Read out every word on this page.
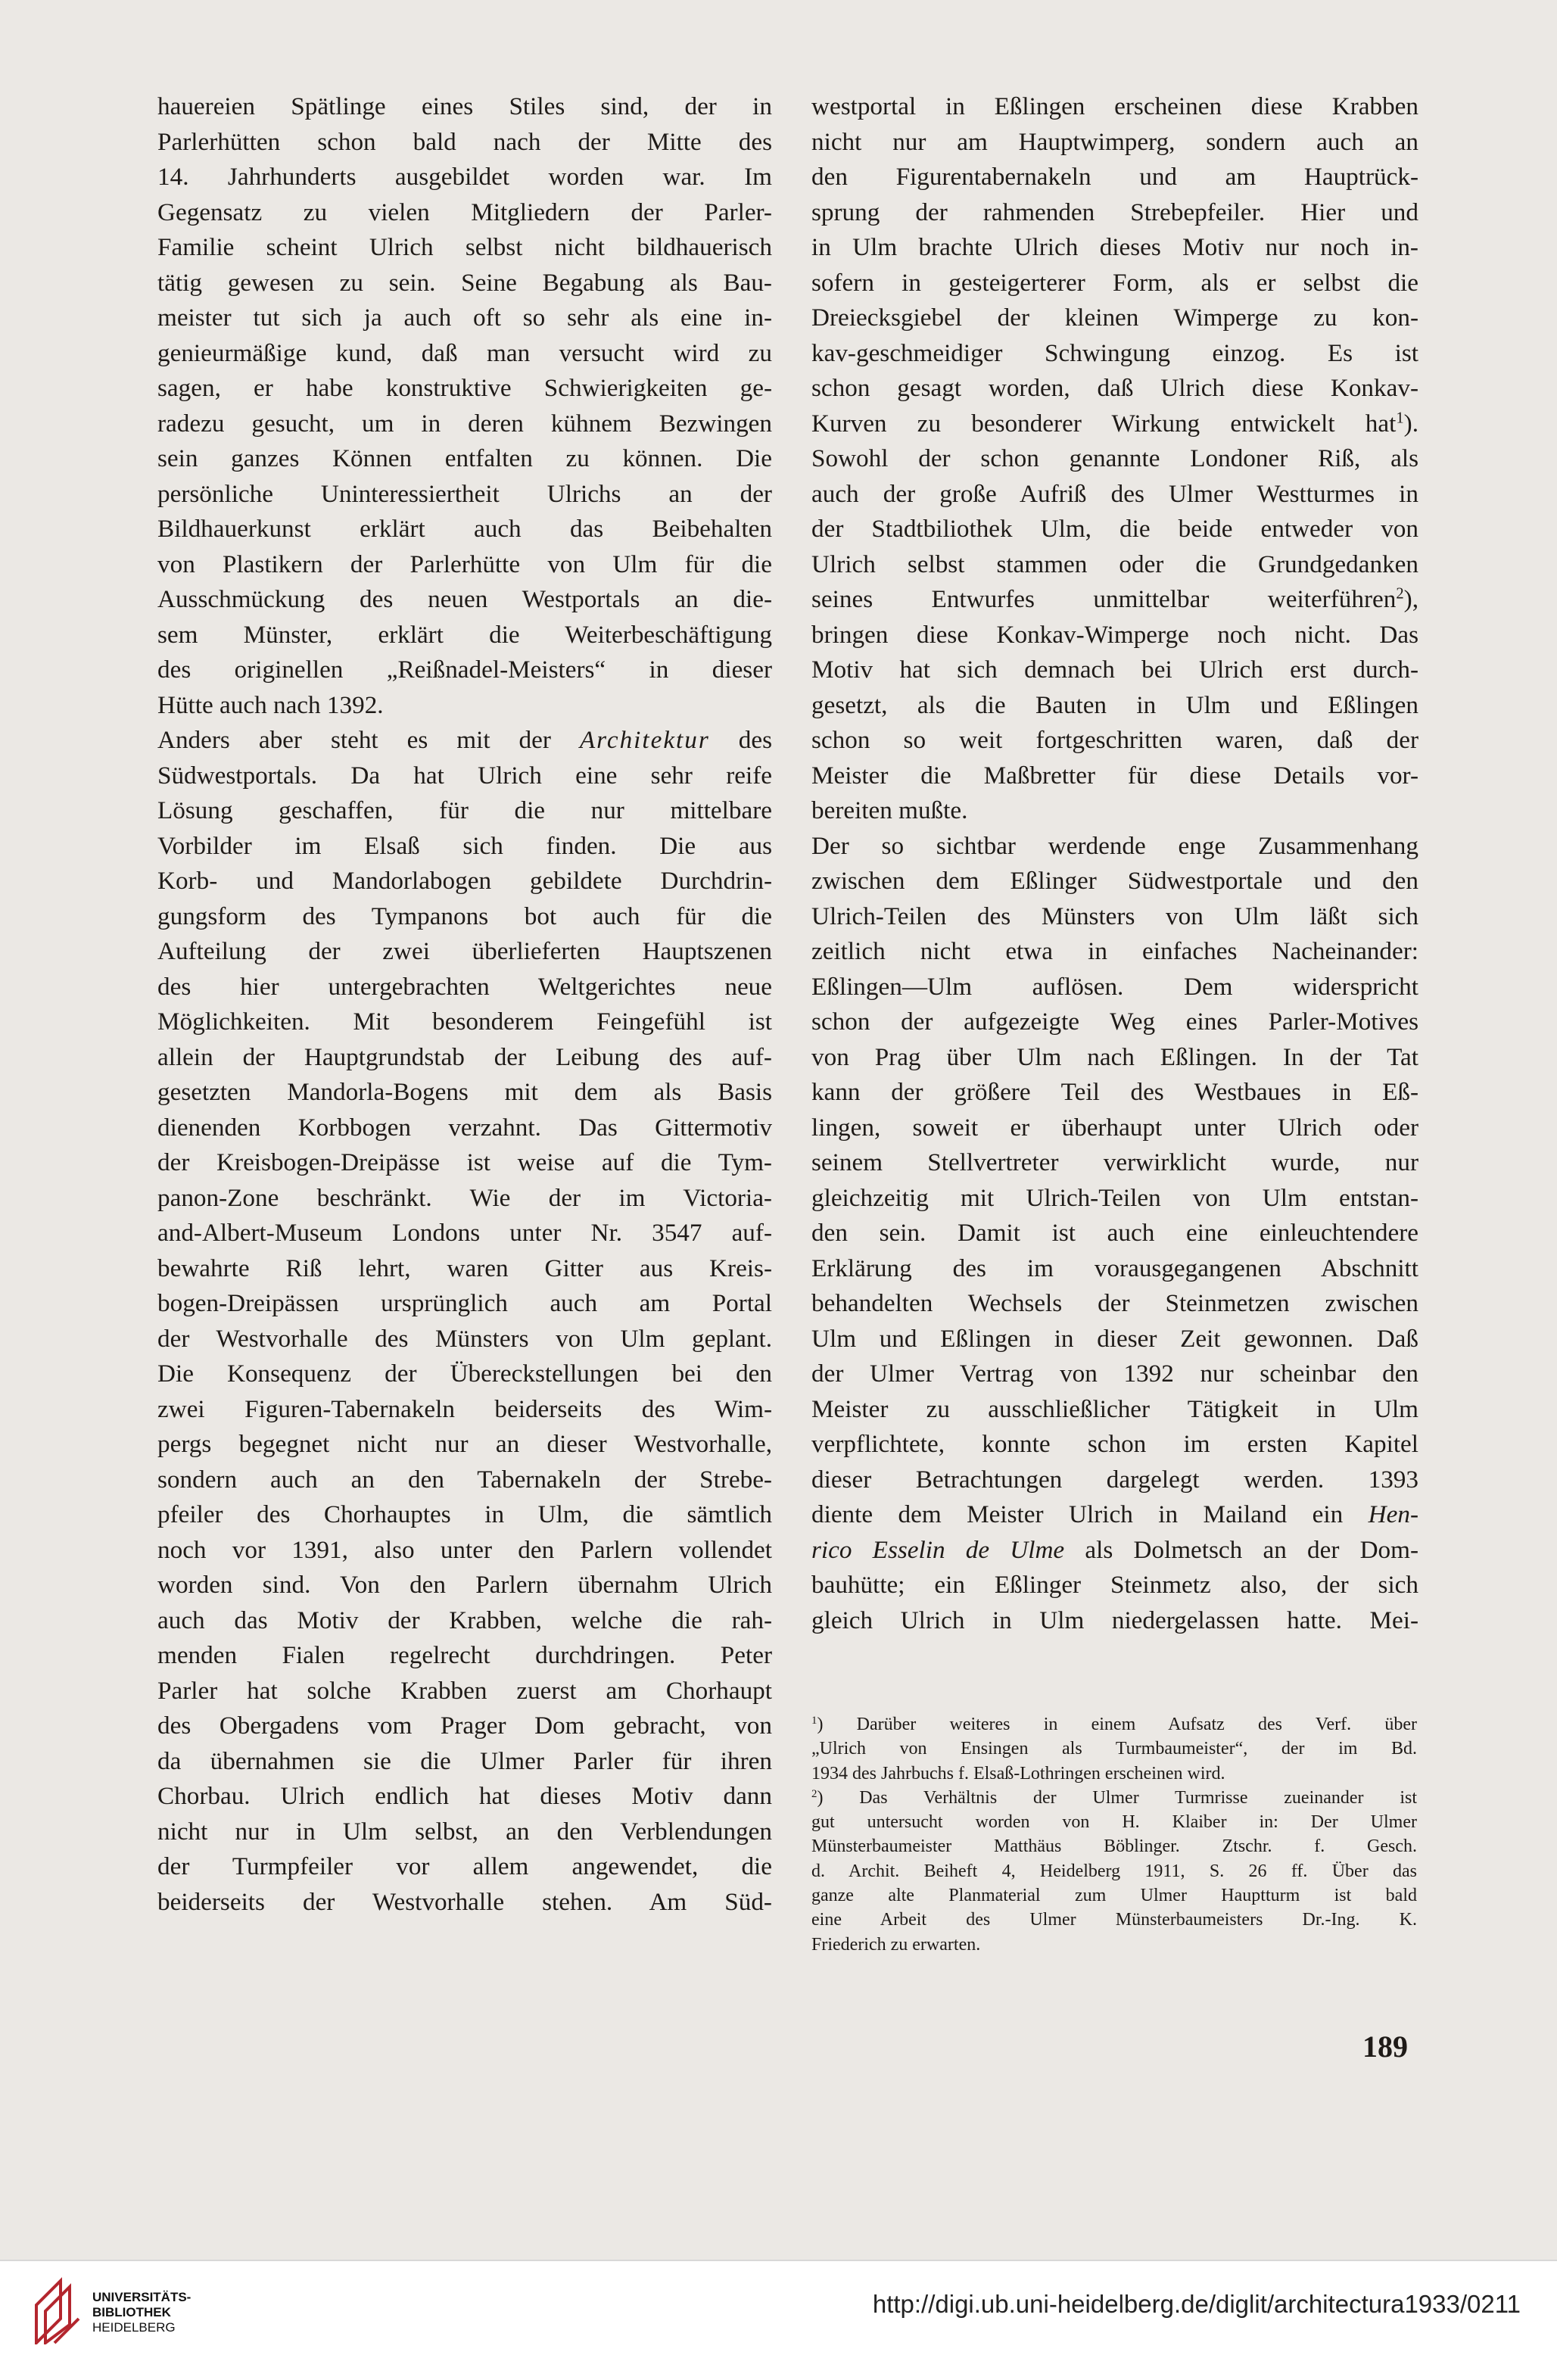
hauereien Spätlinge eines Stiles sind, der in
Parlerhütten schon bald nach der Mitte des
14. Jahrhunderts ausgebildet worden war. Im
Gegensatz zu vielen Mitgliedern der Parler-
Familie scheint Ulrich selbst nicht bildhauerisch
tätig gewesen zu sein. Seine Begabung als Bau-
meister tut sich ja auch oft so sehr als eine in-
genieurmäßige kund, daß man versucht wird zu
sagen, er habe konstruktive Schwierigkeiten ge-
radezu gesucht, um in deren kühnem Bezwingen
sein ganzes Können entfalten zu können. Die
persönliche Uninteressiertheit Ulrichs an der
Bildhauerkunst erklärt auch das Beibehalten
von Plastikern der Parlerhütte von Ulm für die
Ausschmückung des neuen Westportals an die-
sem Münster, erklärt die Weiterbeschäftigung
des originellen „Reißnadel-Meisters“ in dieser
Hütte auch nach 1392.
Anders aber steht es mit der Architektur des
Südwestportals. Da hat Ulrich eine sehr reife
Lösung geschaffen, für die nur mittelbare
Vorbilder im Elsaß sich finden. Die aus
Korb- und Mandorlabogen gebildete Durchdrin-
gungsform des Tympanons bot auch für die
Aufteilung der zwei überlieferten Hauptszenen
des hier untergebrachten Weltgerichtes neue
Möglichkeiten. Mit besonderem Feingefühl ist
allein der Hauptgrundstab der Leibung des auf-
gesetzten Mandorla-Bogens mit dem als Basis
dienenden Korbbogen verzahnt. Das Gittermotiv
der Kreisbogen-Dreipässe ist weise auf die Tym-
panon-Zone beschränkt. Wie der im Victoria-
and-Albert-Museum Londons unter Nr. 3547 auf-
bewahrte Riß lehrt, waren Gitter aus Kreis-
bogen-Dreipässen ursprünglich auch am Portal
der Westvorhalle des Münsters von Ulm geplant.
Die Konsequenz der Übereckstellungen bei den
zwei Figuren-Tabernakeln beiderseits des Wim-
pergs begegnet nicht nur an dieser Westvorhalle,
sondern auch an den Tabernakeln der Strebe-
pfeiler des Chorhauptes in Ulm, die sämtlich
noch vor 1391, also unter den Parlern vollendet
worden sind. Von den Parlern übernahm Ulrich
auch das Motiv der Krabben, welche die rah-
menden Fialen regelrecht durchdringen. Peter
Parler hat solche Krabben zuerst am Chorhaupt
des Obergadens vom Prager Dom gebracht, von
da übernahmen sie die Ulmer Parler für ihren
Chorbau. Ulrich endlich hat dieses Motiv dann
nicht nur in Ulm selbst, an den Verblendungen
der Turmpfeiler vor allem angewendet, die
beiderseits der Westvorhalle stehen. Am Süd-
westportal in Eßlingen erscheinen diese Krabben
nicht nur am Hauptwimperg, sondern auch an
den Figurentabernakeln und am Hauptrück-
sprung der rahmenden Strebepfeiler. Hier und
in Ulm brachte Ulrich dieses Motiv nur noch in-
sofern in gesteigerterer Form, als er selbst die
Dreiecksgiebel der kleinen Wimperge zu kon-
kav-geschmeidiger Schwingung einzog. Es ist
schon gesagt worden, daß Ulrich diese Konkav-
Kurven zu besonderer Wirkung entwickelt hat$^1$).
Sowohl der schon genannte Londoner Riß, als
auch der große Aufriß des Ulmer Westturmes in
der Stadtbiliothek Ulm, die beide entweder von
Ulrich selbst stammen oder die Grundgedanken
seines Entwurfes unmittelbar weiterführen$^2$),
bringen diese Konkav-Wimperge noch nicht. Das
Motiv hat sich demnach bei Ulrich erst durch-
gesetzt, als die Bauten in Ulm und Eßlingen
schon so weit fortgeschritten waren, daß der
Meister die Maßbretter für diese Details vor-
bereiten mußte.
Der so sichtbar werdende enge Zusammenhang
zwischen dem Eßlinger Südwestportale und den
Ulrich-Teilen des Münsters von Ulm läßt sich
zeitlich nicht etwa in einfaches Nacheinander:
Eßlingen—Ulm auflösen. Dem widerspricht
schon der aufgezeigte Weg eines Parler-Motives
von Prag über Ulm nach Eßlingen. In der Tat
kann der größere Teil des Westbaues in Eß-
lingen, soweit er überhaupt unter Ulrich oder
seinem Stellvertreter verwirklicht wurde, nur
gleichzeitig mit Ulrich-Teilen von Ulm entstan-
den sein. Damit ist auch eine einleuchtendere
Erklärung des im vorausgegangenen Abschnitt
behandelten Wechsels der Steinmetzen zwischen
Ulm und Eßlingen in dieser Zeit gewonnen. Daß
der Ulmer Vertrag von 1392 nur scheinbar den
Meister zu ausschließlicher Tätigkeit in Ulm
verpflichtete, konnte schon im ersten Kapitel
dieser Betrachtungen dargelegt werden. 1393
diente dem Meister Ulrich in Mailand ein Hen-
rico Esselin de Ulme als Dolmetsch an der Dom-
bauhütte; ein Eßlinger Steinmetz also, der sich
gleich Ulrich in Ulm niedergelassen hatte. Mei-
$^1$) Darüber weiteres in einem Aufsatz des Verf. über
„Ulrich von Ensingen als Turmbaumeister“, der im Bd.
1934 des Jahrbuchs f. Elsaß-Lothringen erscheinen wird.
$^2$) Das Verhältnis der Ulmer Turmrisse zueinander ist
gut untersucht worden von H. Klaiber in: Der Ulmer
Münsterbaumeister Matthäus Böblinger. Ztschr. f. Gesch.
d. Archit. Beiheft 4, Heidelberg 1911, S. 26 ff. Über das
ganze alte Planmaterial zum Ulmer Hauptturm ist bald
eine Arbeit des Ulmer Münsterbaumeisters Dr.-Ing. K.
Friederich zu erwarten.
189
UNIVERSITÄTS-
BIBLIOTHEK
HEIDELBERG
http://digi.ub.uni-heidelberg.de/diglit/architectura1933/0211
